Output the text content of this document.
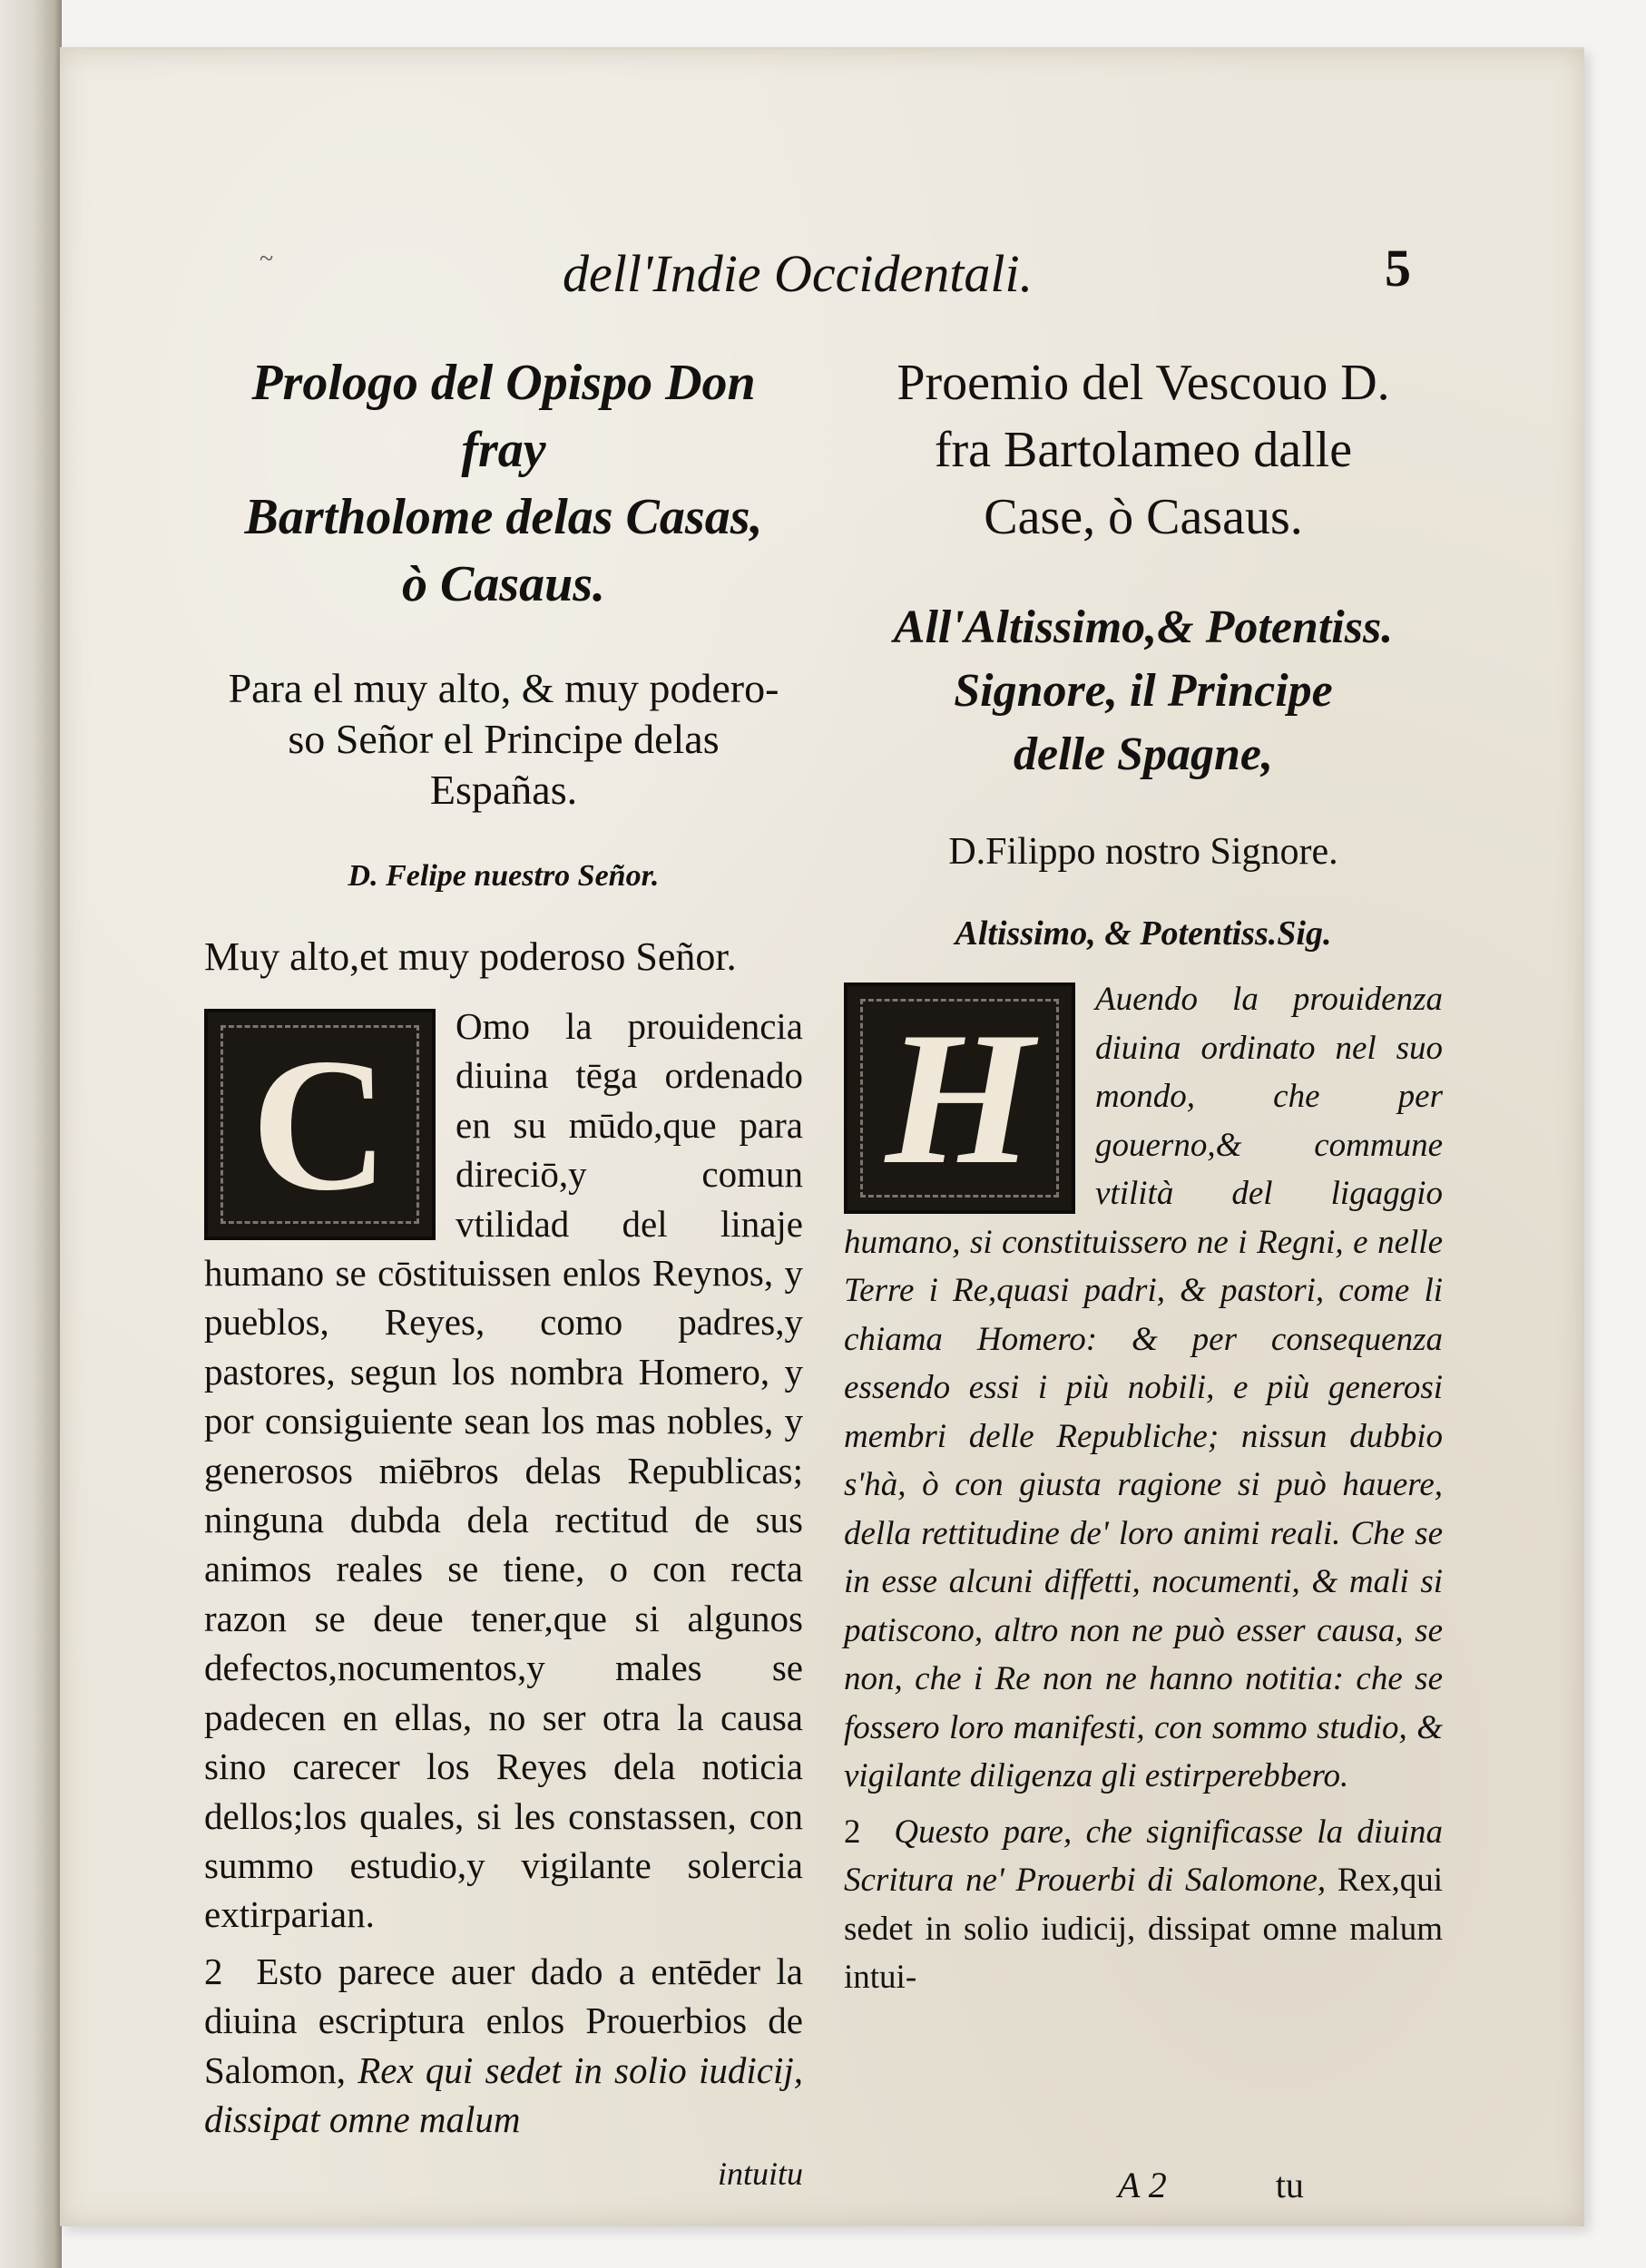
~	dell'Indie Occidentali.	5
Prologo del Opispo Don fray
Bartholome delas Casas,
ò Casaus.
Para el muy alto, & muy podero-
so Señor el Principe delas
Españas.
D. Felipe nuestro Señor.
Muy alto,et muy poderoso Señor.
C	Omo la prouidencia diuina tēga ordenado en su mūdo,que para direciō,y comun vtilidad del linaje humano se cōstituissen enlos Reynos, y pueblos, Reyes, como padres,y pastores, segun los nombra Homero, y por consiguiente sean los mas nobles, y generosos miēbros delas Republicas; ninguna dubda dela rectitud de sus animos reales se tiene, o con recta razon se deue tener,que si algunos defectos,nocumentos,y males se padecen en ellas, no ser otra la causa sino carecer los Reyes dela noticia dellos;los quales, si les constassen, con summo estudio,y vigilante solercia extirparian.
2 Esto parece auer dado a entēder la diuina escriptura enlos Prouerbios de Salomon, Rex qui sedet in solio iudicij, dissipat omne malum
intuitu
Proemio del Vescouo D.
fra Bartolameo dalle
Case, ò Casaus.
All'Altissimo,& Potentiss.
Signore, il Principe
delle Spagne,
D.Filippo nostro Signore.
Altissimo, & Potentiss.Sig.
H	Auendo la prouidenza diuina ordinato nel suo mondo, che per gouerno,& commune vtilità del ligaggio humano, si constituissero ne i Regni, e nelle Terre i Re,quasi padri, & pastori, come li chiama Homero: & per consequenza essendo essi i più nobili, e più generosi membri delle Republiche; nissun dubbio s'hà, ò con giusta ragione si può hauere, della rettitudine de' loro animi reali. Che se in esse alcuni diffetti, nocumenti, & mali si patiscono, altro non ne può esser causa, se non, che i Re non ne hanno notitia: che se fossero loro manifesti, con sommo studio, & vigilante diligenza gli estirperebbero.
2 Questo pare, che significasse la diuina Scritura ne' Prouerbi di Salomone, Rex,qui sedet in solio iudicij, dissipat omne malum intui-
A 2	tu
